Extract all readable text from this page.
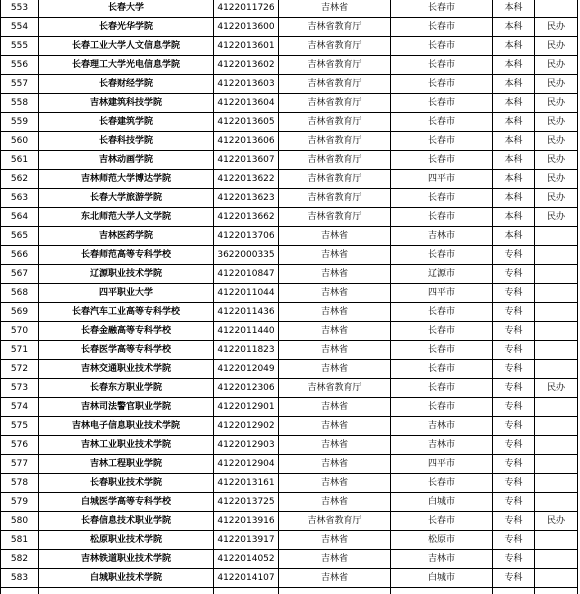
553	长春大学	4122011726	吉林省	长春市	本科	
554	长春光华学院	4122013600	吉林省教育厅	长春市	本科	民办
555	长春工业大学人文信息学院	4122013601	吉林省教育厅	长春市	本科	民办
556	长春理工大学光电信息学院	4122013602	吉林省教育厅	长春市	本科	民办
557	长春财经学院	4122013603	吉林省教育厅	长春市	本科	民办
558	吉林建筑科技学院	4122013604	吉林省教育厅	长春市	本科	民办
559	长春建筑学院	4122013605	吉林省教育厅	长春市	本科	民办
560	长春科技学院	4122013606	吉林省教育厅	长春市	本科	民办
561	吉林动画学院	4122013607	吉林省教育厅	长春市	本科	民办
562	吉林师范大学博达学院	4122013622	吉林省教育厅	四平市	本科	民办
563	长春大学旅游学院	4122013623	吉林省教育厅	长春市	本科	民办
564	东北师范大学人文学院	4122013662	吉林省教育厅	长春市	本科	民办
565	吉林医药学院	4122013706	吉林省	吉林市	本科	
566	长春师范高等专科学校	3622000335	吉林省	长春市	专科	
567	辽源职业技术学院	4122010847	吉林省	辽源市	专科	
568	四平职业大学	4122011044	吉林省	四平市	专科	
569	长春汽车工业高等专科学校	4122011436	吉林省	长春市	专科	
570	长春金融高等专科学校	4122011440	吉林省	长春市	专科	
571	长春医学高等专科学校	4122011823	吉林省	长春市	专科	
572	吉林交通职业技术学院	4122012049	吉林省	长春市	专科	
573	长春东方职业学院	4122012306	吉林省教育厅	长春市	专科	民办
574	吉林司法警官职业学院	4122012901	吉林省	长春市	专科	
575	吉林电子信息职业技术学院	4122012902	吉林省	吉林市	专科	
576	吉林工业职业技术学院	4122012903	吉林省	吉林市	专科	
577	吉林工程职业学院	4122012904	吉林省	四平市	专科	
578	长春职业技术学院	4122013161	吉林省	长春市	专科	
579	白城医学高等专科学校	4122013725	吉林省	白城市	专科	
580	长春信息技术职业学院	4122013916	吉林省教育厅	长春市	专科	民办
581	松原职业技术学院	4122013917	吉林省	松原市	专科	
582	吉林铁道职业技术学院	4122014052	吉林省	吉林市	专科	
583	白城职业技术学院	4122014107	吉林省	白城市	专科	
